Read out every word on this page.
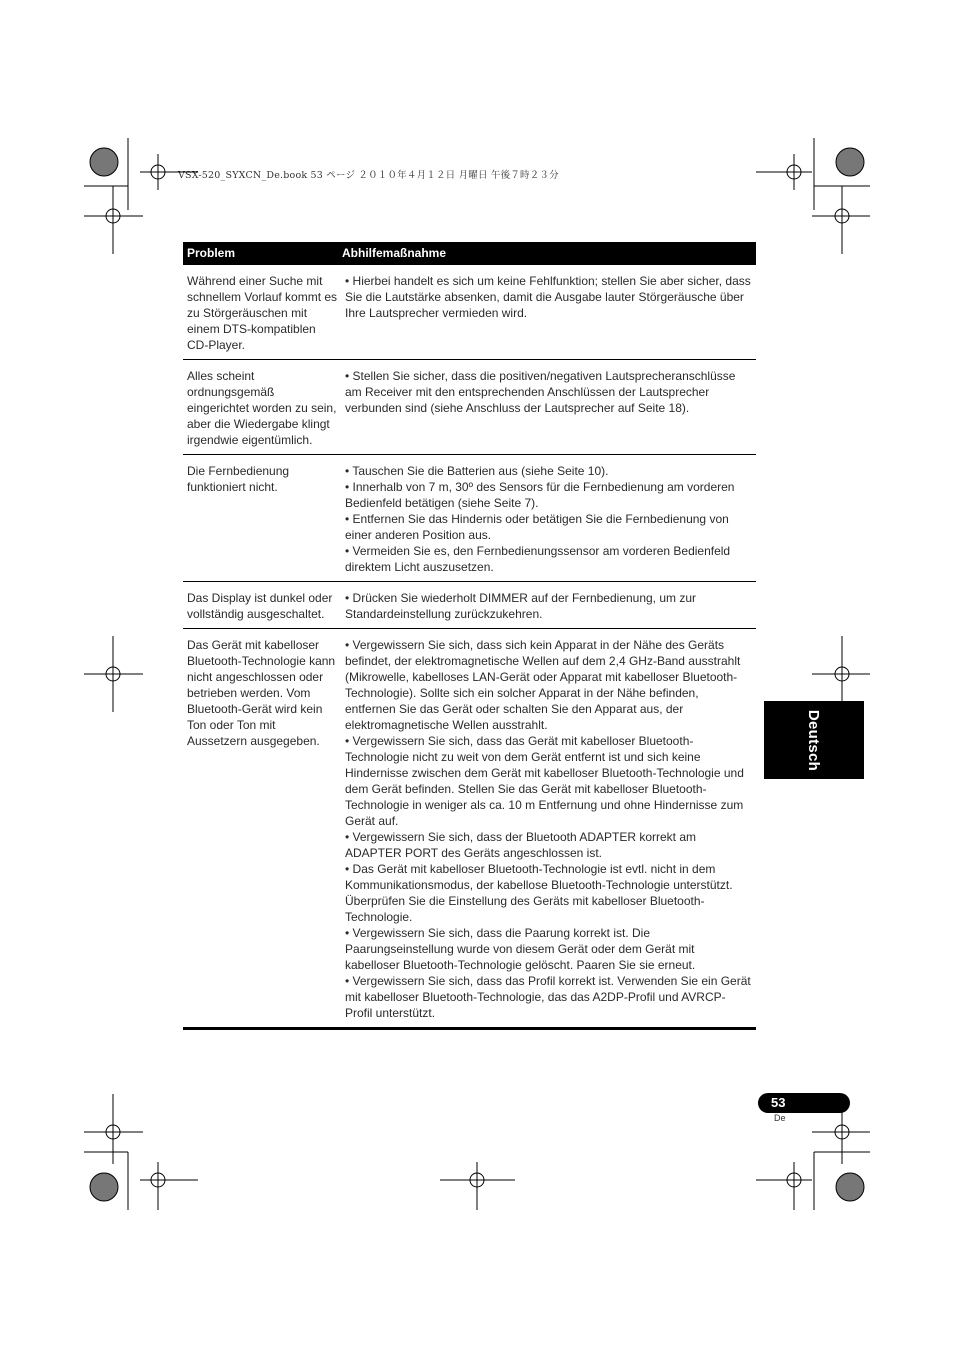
VSX-520_SYXCN_De.book 53 ページ ２０１０年４月１２日 月曜日 午後７時２３分
Problem	Abhilfemaßnahme
Während einer Suche mit schnellem Vorlauf kommt es zu Störgeräuschen mit einem DTS-kompatiblen CD-Player.

• Hierbei handelt es sich um keine Fehlfunktion; stellen Sie aber sicher, dass Sie die Lautstärke absenken, damit die Ausgabe lauter Störgeräusche über Ihre Lautsprecher vermieden wird.

Alles scheint ordnungsgemäß eingerichtet worden zu sein, aber die Wiedergabe klingt irgendwie eigentümlich.

• Stellen Sie sicher, dass die positiven/negativen Lautsprecheranschlüsse am Receiver mit den entsprechenden Anschlüssen der Lautsprecher verbunden sind (siehe Anschluss der Lautsprecher auf Seite 18).

Die Fernbedienung funktioniert nicht.

• Tauschen Sie die Batterien aus (siehe Seite 10).

• Innerhalb von 7 m, 30º des Sensors für die Fernbedienung am vorderen Bedienfeld betätigen (siehe Seite 7).

• Entfernen Sie das Hindernis oder betätigen Sie die Fernbedienung von einer anderen Position aus.

• Vermeiden Sie es, den Fernbedienungssensor am vorderen Bedienfeld direktem Licht auszusetzen.

Das Display ist dunkel oder vollständig ausgeschaltet.

• Drücken Sie wiederholt DIMMER auf der Fernbedienung, um zur Standardeinstellung zurückzukehren.

Das Gerät mit kabelloser Bluetooth-Technologie kann nicht angeschlossen oder betrieben werden. Vom Bluetooth-Gerät wird kein Ton oder Ton mit Aussetzern ausgegeben.

• Vergewissern Sie sich, dass sich kein Apparat in der Nähe des Geräts befindet, der elektromagnetische Wellen auf dem 2,4 GHz-Band ausstrahlt (Mikrowelle, kabelloses LAN-Gerät oder Apparat mit kabelloser Bluetooth-Technologie). Sollte sich ein solcher Apparat in der Nähe befinden, entfernen Sie das Gerät oder schalten Sie den Apparat aus, der elektromagnetische Wellen ausstrahlt.

• Vergewissern Sie sich, dass das Gerät mit kabelloser Bluetooth-Technologie nicht zu weit von dem Gerät entfernt ist und sich keine Hindernisse zwischen dem Gerät mit kabelloser Bluetooth-Technologie und dem Gerät befinden. Stellen Sie das Gerät mit kabelloser Bluetooth-Technologie in weniger als ca. 10 m Entfernung und ohne Hindernisse zum Gerät auf.

• Vergewissern Sie sich, dass der Bluetooth ADAPTER korrekt am ADAPTER PORT des Geräts angeschlossen ist.

• Das Gerät mit kabelloser Bluetooth-Technologie ist evtl. nicht in dem Kommunikationsmodus, der kabellose Bluetooth-Technologie unterstützt. Überprüfen Sie die Einstellung des Geräts mit kabelloser Bluetooth-Technologie.

• Vergewissern Sie sich, dass die Paarung korrekt ist. Die Paarungseinstellung wurde von diesem Gerät oder dem Gerät mit kabelloser Bluetooth-Technologie gelöscht. Paaren Sie sie erneut.

• Vergewissern Sie sich, dass das Profil korrekt ist. Verwenden Sie ein Gerät mit kabelloser Bluetooth-Technologie, das das A2DP-Profil und AVRCP-Profil unterstützt.

Deutsch
53
De
